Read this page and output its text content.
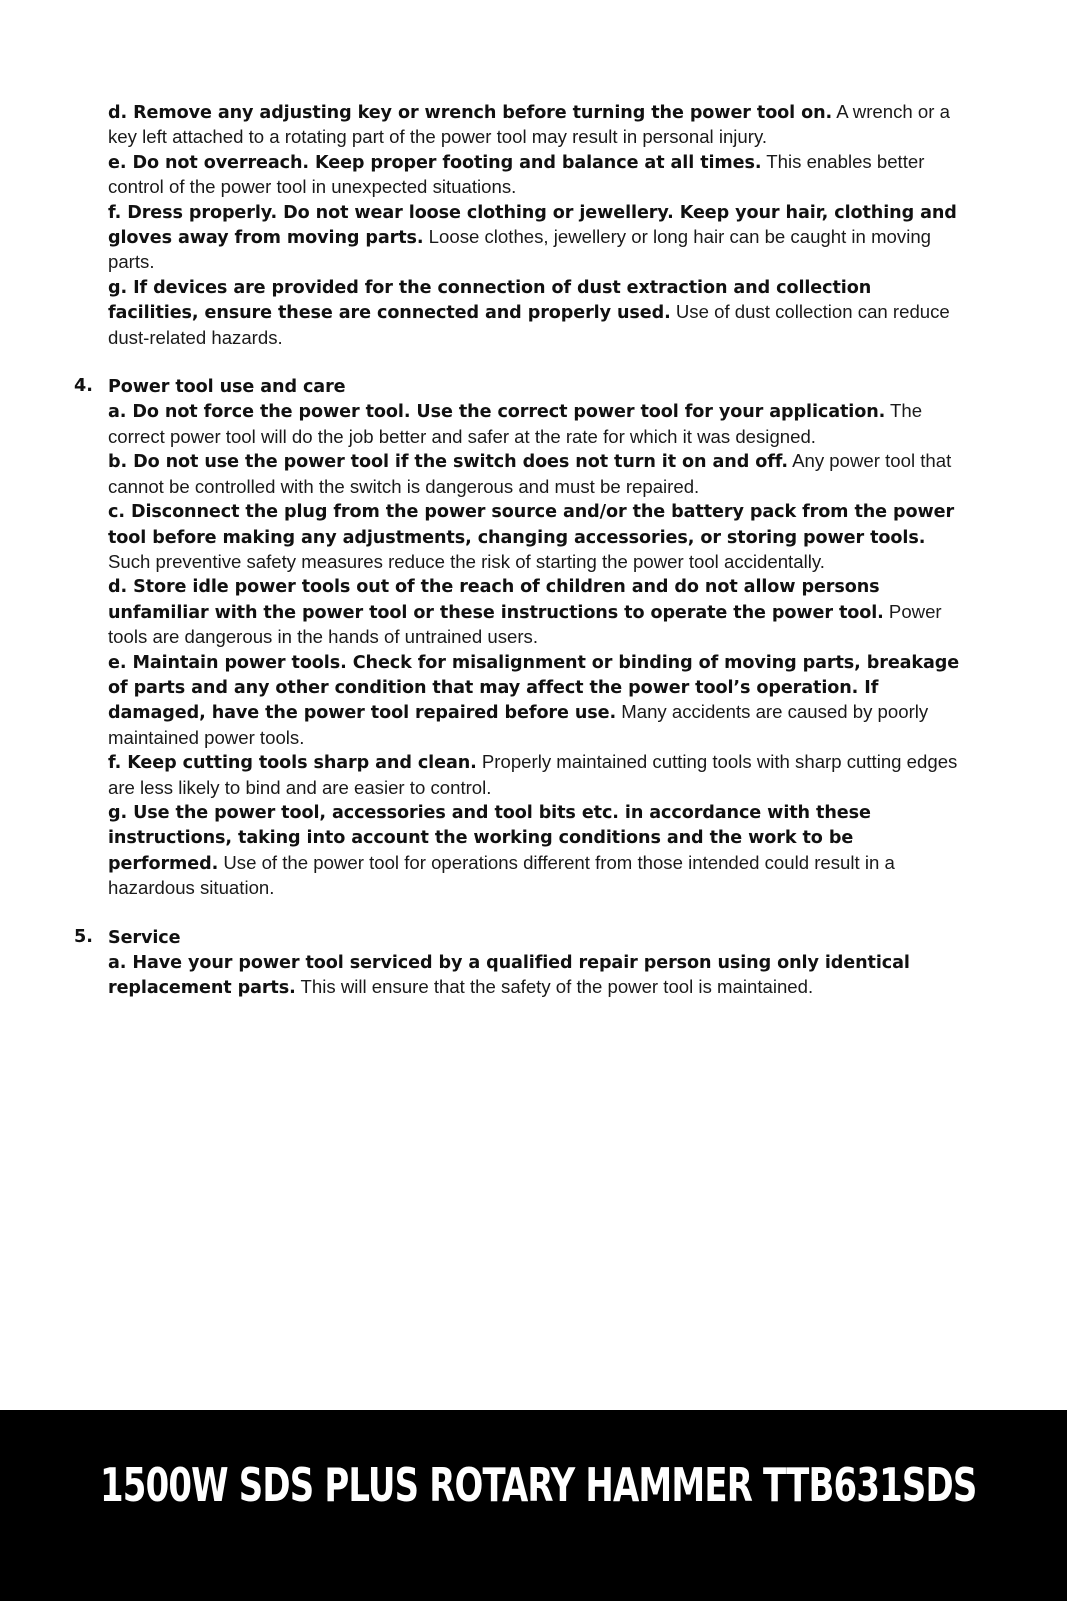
d. Remove any adjusting key or wrench before turning the power tool on. A wrench or a key left attached to a rotating part of the power tool may result in personal injury.
e. Do not overreach. Keep proper footing and balance at all times. This enables better control of the power tool in unexpected situations.
f. Dress properly. Do not wear loose clothing or jewellery. Keep your hair, clothing and gloves away from moving parts. Loose clothes, jewellery or long hair can be caught in moving parts.
g. If devices are provided for the connection of dust extraction and collection facilities, ensure these are connected and properly used. Use of dust collection can reduce dust-related hazards.
4. Power tool use and care
a. Do not force the power tool. Use the correct power tool for your application. The correct power tool will do the job better and safer at the rate for which it was designed.
b. Do not use the power tool if the switch does not turn it on and off. Any power tool that cannot be controlled with the switch is dangerous and must be repaired.
c. Disconnect the plug from the power source and/or the battery pack from the power tool before making any adjustments, changing accessories, or storing power tools. Such preventive safety measures reduce the risk of starting the power tool accidentally.
d. Store idle power tools out of the reach of children and do not allow persons unfamiliar with the power tool or these instructions to operate the power tool. Power tools are dangerous in the hands of untrained users.
e. Maintain power tools. Check for misalignment or binding of moving parts, breakage of parts and any other condition that may affect the power tool’s operation. If damaged, have the power tool repaired before use. Many accidents are caused by poorly maintained power tools.
f. Keep cutting tools sharp and clean. Properly maintained cutting tools with sharp cutting edges are less likely to bind and are easier to control.
g. Use the power tool, accessories and tool bits etc. in accordance with these instructions, taking into account the working conditions and the work to be performed. Use of the power tool for operations different from those intended could result in a hazardous situation.
5. Service
a. Have your power tool serviced by a qualified repair person using only identical replacement parts. This will ensure that the safety of the power tool is maintained.
1500W SDS PLUS ROTARY HAMMER TTB631SDS
